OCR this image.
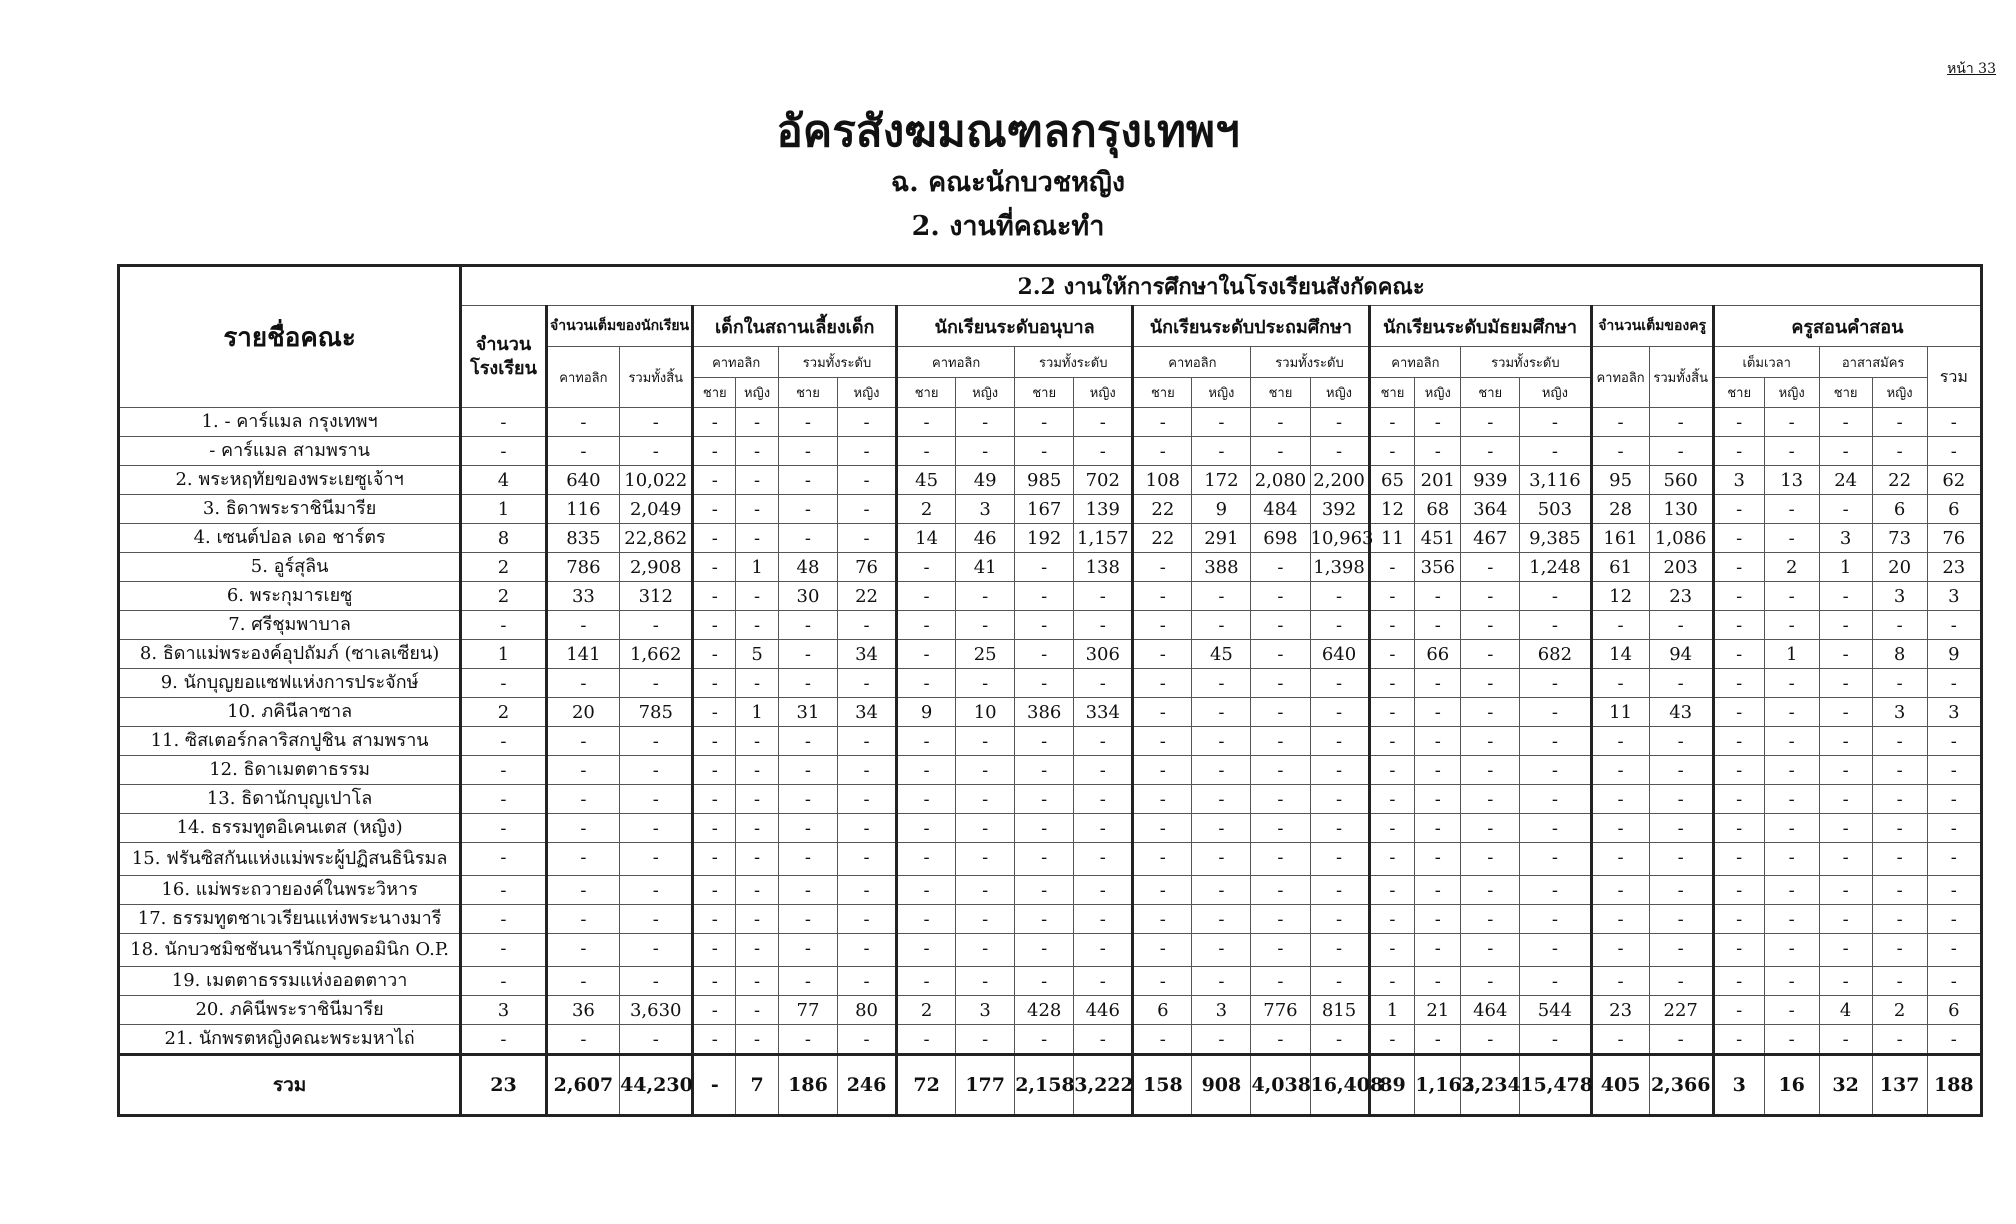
หน้า 33
อัครสังฆมณฑลกรุงเทพฯ
ฉ. คณะนักบวชหญิง
2. งานที่คณะทำ
รายชื่อคณะ	2.2 งานให้การศึกษาในโรงเรียนสังกัดคณะ																									
	จำนวนโรงเรียน	จำนวนเต็มของนักเรียน		เด็กในสถานเลี้ยงเด็ก				นักเรียนระดับอนุบาล				นักเรียนระดับประถมศึกษา				นักเรียนระดับมัธยมศึกษา				จำนวนเต็มของครู		ครูสอนคำสอน				
		คาทอลิก	รวมทั้งสิ้น	คาทอลิก		รวมทั้งระดับ		คาทอลิก		รวมทั้งระดับ		คาทอลิก		รวมทั้งระดับ		คาทอลิก		รวมทั้งระดับ		คาทอลิก	รวมทั้งสิ้น	เต็มเวลา		อาสาสมัคร		รวม
				ชาย	หญิง	ชาย	หญิง	ชาย	หญิง	ชาย	หญิง	ชาย	หญิง	ชาย	หญิง	ชาย	หญิง	ชาย	หญิง			ชาย	หญิง	ชาย	หญิง	
1. - คาร์แมล กรุงเทพฯ	-	-	-	-	-	-	-	-	-	-	-	-	-	-	-	-	-	-	-	-	-	-	-	-	-	-
- คาร์แมล สามพราน	-	-	-	-	-	-	-	-	-	-	-	-	-	-	-	-	-	-	-	-	-	-	-	-	-	-
2. พระหฤทัยของพระเยซูเจ้าฯ	4	640	10,022	-	-	-	-	45	49	985	702	108	172	2,080	2,200	65	201	939	3,116	95	560	3	13	24	22	62
3. ธิดาพระราชินีมารีย	1	116	2,049	-	-	-	-	2	3	167	139	22	9	484	392	12	68	364	503	28	130	-	-	-	6	6
4. เซนต์ปอล เดอ ชาร์ตร	8	835	22,862	-	-	-	-	14	46	192	1,157	22	291	698	10,963	11	451	467	9,385	161	1,086	-	-	3	73	76
5. อูร์สุลิน	2	786	2,908	-	1	48	76	-	41	-	138	-	388	-	1,398	-	356	-	1,248	61	203	-	2	1	20	23
6. พระกุมารเยซู	2	33	312	-	-	30	22	-	-	-	-	-	-	-	-	-	-	-	-	12	23	-	-	-	3	3
7. ศรีชุมพาบาล	-	-	-	-	-	-	-	-	-	-	-	-	-	-	-	-	-	-	-	-	-	-	-	-	-	-
8. ธิดาแม่พระองค์อุปถัมภ์ (ซาเลเซียน)	1	141	1,662	-	5	-	34	-	25	-	306	-	45	-	640	-	66	-	682	14	94	-	1	-	8	9
9. นักบุญยอแซฟแห่งการประจักษ์	-	-	-	-	-	-	-	-	-	-	-	-	-	-	-	-	-	-	-	-	-	-	-	-	-	-
10. ภคินีลาซาล	2	20	785	-	1	31	34	9	10	386	334	-	-	-	-	-	-	-	-	11	43	-	-	-	3	3
11. ซิสเตอร์กลาริสกปูชิน สามพราน	-	-	-	-	-	-	-	-	-	-	-	-	-	-	-	-	-	-	-	-	-	-	-	-	-	-
12. ธิดาเมตตาธรรม	-	-	-	-	-	-	-	-	-	-	-	-	-	-	-	-	-	-	-	-	-	-	-	-	-	-
13. ธิดานักบุญเปาโล	-	-	-	-	-	-	-	-	-	-	-	-	-	-	-	-	-	-	-	-	-	-	-	-	-	-
14. ธรรมทูตอิเคนเตส (หญิง)	-	-	-	-	-	-	-	-	-	-	-	-	-	-	-	-	-	-	-	-	-	-	-	-	-	-
15. ฟรันซิสกันแห่งแม่พระผู้ปฏิสนธินิรมล	-	-	-	-	-	-	-	-	-	-	-	-	-	-	-	-	-	-	-	-	-	-	-	-	-	-
16. แม่พระถวายองค์ในพระวิหาร	-	-	-	-	-	-	-	-	-	-	-	-	-	-	-	-	-	-	-	-	-	-	-	-	-	-
17. ธรรมทูตชาเวเรียนแห่งพระนางมารี	-	-	-	-	-	-	-	-	-	-	-	-	-	-	-	-	-	-	-	-	-	-	-	-	-	-
18. นักบวชมิชชันนารีนักบุญดอมินิก O.P.	-	-	-	-	-	-	-	-	-	-	-	-	-	-	-	-	-	-	-	-	-	-	-	-	-	-
19. เมตตาธรรมแห่งออตตาวา	-	-	-	-	-	-	-	-	-	-	-	-	-	-	-	-	-	-	-	-	-	-	-	-	-	-
20. ภคินีพระราชินีมารีย	3	36	3,630	-	-	77	80	2	3	428	446	6	3	776	815	1	21	464	544	23	227	-	-	4	2	6
21. นักพรตหญิงคณะพระมหาไถ่	-	-	-	-	-	-	-	-	-	-	-	-	-	-	-	-	-	-	-	-	-	-	-	-	-	-
รวม	23	2,607	44,230	-	7	186	246	72	177	2,158	3,222	158	908	4,038	16,408	89	1,163	2,234	15,478	405	2,366	3	16	32	137	188
